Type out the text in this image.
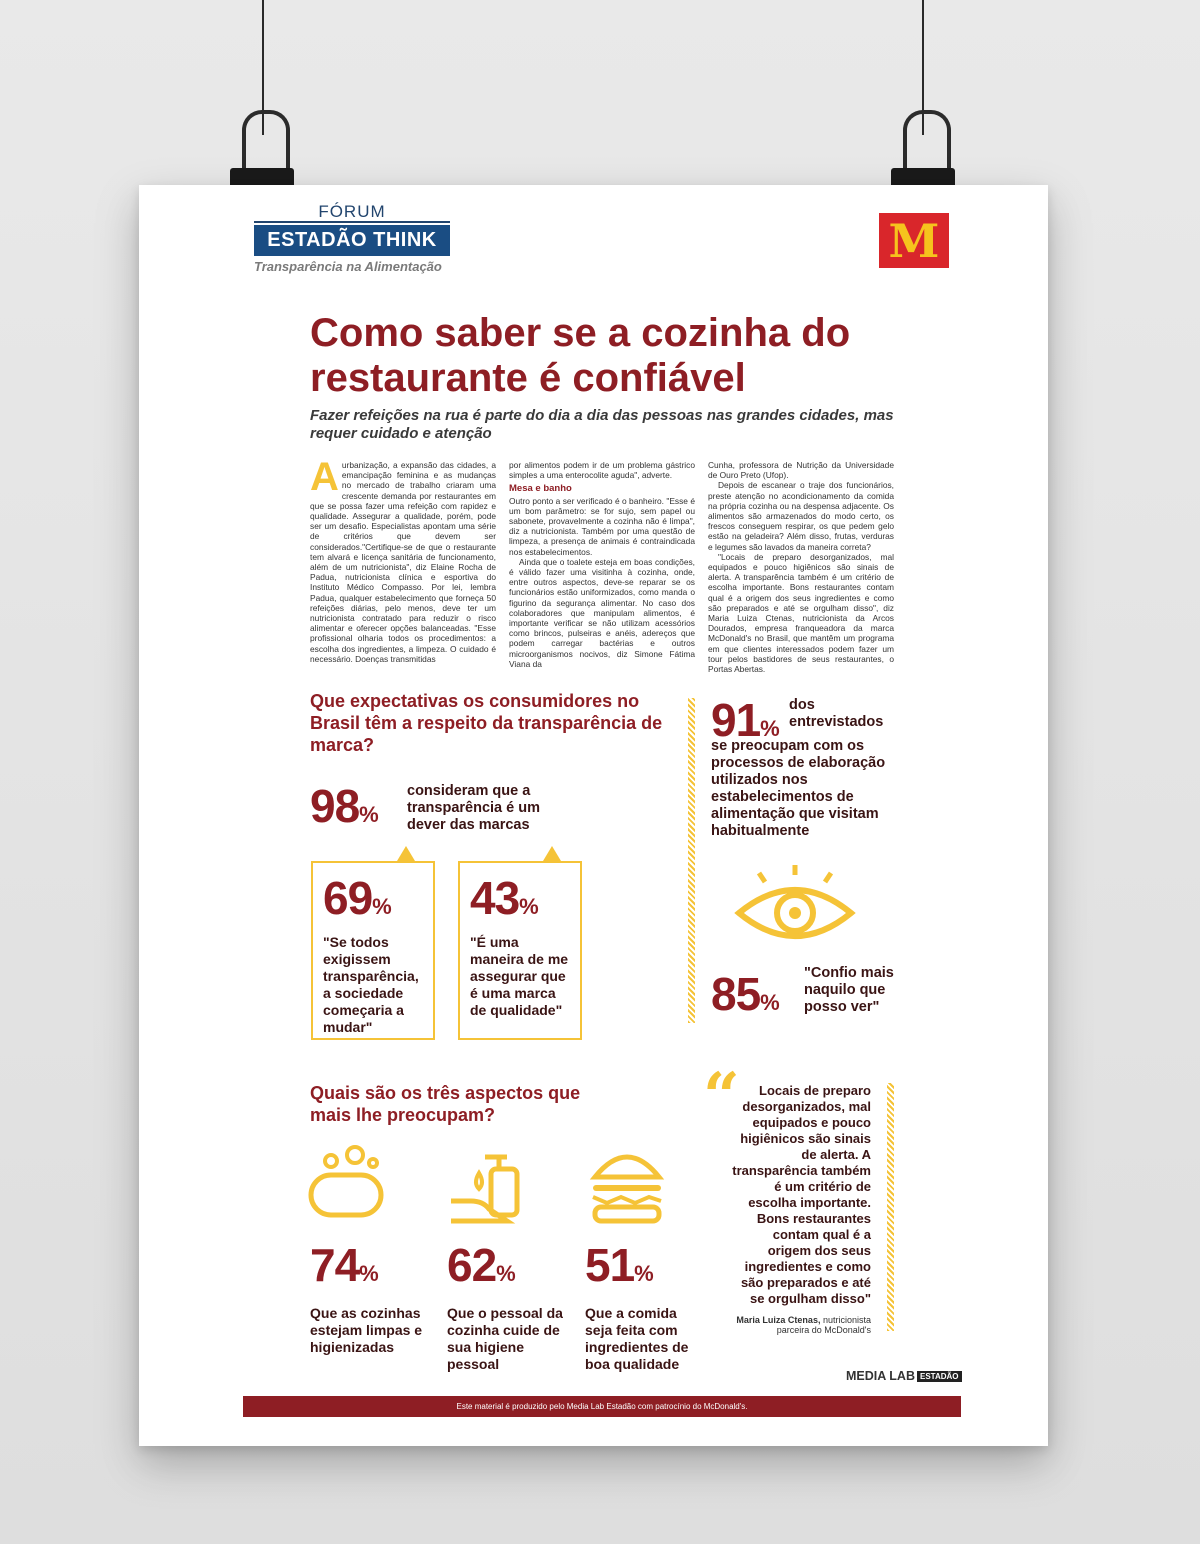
FÓRUM
ESTADÃO THINK
Transparência na Alimentação	M
Como saber se a cozinha do restaurante é confiável
Fazer refeições na rua é parte do dia a dia das pessoas nas grandes cidades, mas requer cuidado e atenção
A urbanização, a expansão das cidades, a emancipação feminina e as mudanças no mercado de trabalho criaram uma crescente demanda por restaurantes em que se possa fazer uma refeição com rapidez e qualidade. Assegurar a qualidade, porém, pode ser um desafio. Especialistas apontam uma série de critérios que devem ser considerados."Certifique-se de que o restaurante tem alvará e licença sanitária de funcionamento, além de um nutricionista", diz Elaine Rocha de Padua, nutricionista clínica e esportiva do Instituto Médico Compasso. Por lei, lembra Padua, qualquer estabelecimento que forneça 50 refeições diárias, pelo menos, deve ter um nutricionista contratado para reduzir o risco alimentar e oferecer opções balanceadas. "Esse profissional olharia todos os procedimentos: a escolha dos ingredientes, a limpeza. O cuidado é necessário. Doenças transmitidas

por alimentos podem ir de um problema gástrico simples a uma enterocolite aguda", adverte.

Mesa e banho

Outro ponto a ser verificado é o banheiro. "Esse é um bom parâmetro: se for sujo, sem papel ou sabonete, provavelmente a cozinha não é limpa", diz a nutricionista. Também por uma questão de limpeza, a presença de animais é contraindicada nos estabelecimentos.

Ainda que o toalete esteja em boas condições, é válido fazer uma visitinha à cozinha, onde, entre outros aspectos, deve-se reparar se os funcionários estão uniformizados, como manda o figurino da segurança alimentar. No caso dos colaboradores que manipulam alimentos, é importante verificar se não utilizam acessórios como brincos, pulseiras e anéis, adereços que podem carregar bactérias e outros microorganismos nocivos, diz Simone Fátima Viana da

Cunha, professora de Nutrição da Universidade de Ouro Preto (Ufop).

Depois de escanear o traje dos funcionários, preste atenção no acondicionamento da comida na própria cozinha ou na despensa adjacente. Os alimentos são armazenados do modo certo, os frescos conseguem respirar, os que pedem gelo estão na geladeira? Além disso, frutas, verduras e legumes são lavados da maneira correta?

"Locais de preparo desorganizados, mal equipados e pouco higiênicos são sinais de alerta. A transparência também é um critério de escolha importante. Bons restaurantes contam qual é a origem dos seus ingredientes e como são preparados e até se orgulham disso", diz Maria Luiza Ctenas, nutricionista da Arcos Dourados, empresa franqueadora da marca McDonald's no Brasil, que mantêm um programa em que clientes interessados podem fazer um tour pelos bastidores de seus restaurantes, o Portas Abertas.

Que expectativas os consumidores no Brasil têm a respeito da transparência de marca?
98%
consideram que a transparência é um dever das marcas
69%
"Se todos exigissem transparência, a sociedade começaria a mudar"
43%
"É uma maneira de me assegurar que é uma marca de qualidade"
91%
dos entrevistados
se preocupam com os processos de elaboração utilizados nos estabelecimentos de alimentação que visitam habitualmente
85%
"Confio mais naquilo que posso ver"
Quais são os três aspectos que mais lhe preocupam?
74%
Que as cozinhas estejam limpas e higienizadas
62%
Que o pessoal da cozinha cuide de sua higiene pessoal
51%
Que a comida seja feita com ingredientes de boa qualidade
“	Locais de preparo desorganizados, mal equipados e pouco higiênicos são sinais de alerta. A transparência também é um critério de escolha importante. Bons restaurantes contam qual é a origem dos seus ingredientes e como são preparados e até se orgulham disso"
Maria Luiza Ctenas, nutricionista parceira do McDonald's
MEDIA LAB ESTADÃO
Este material é produzido pelo Media Lab Estadão com patrocínio do McDonald's.
